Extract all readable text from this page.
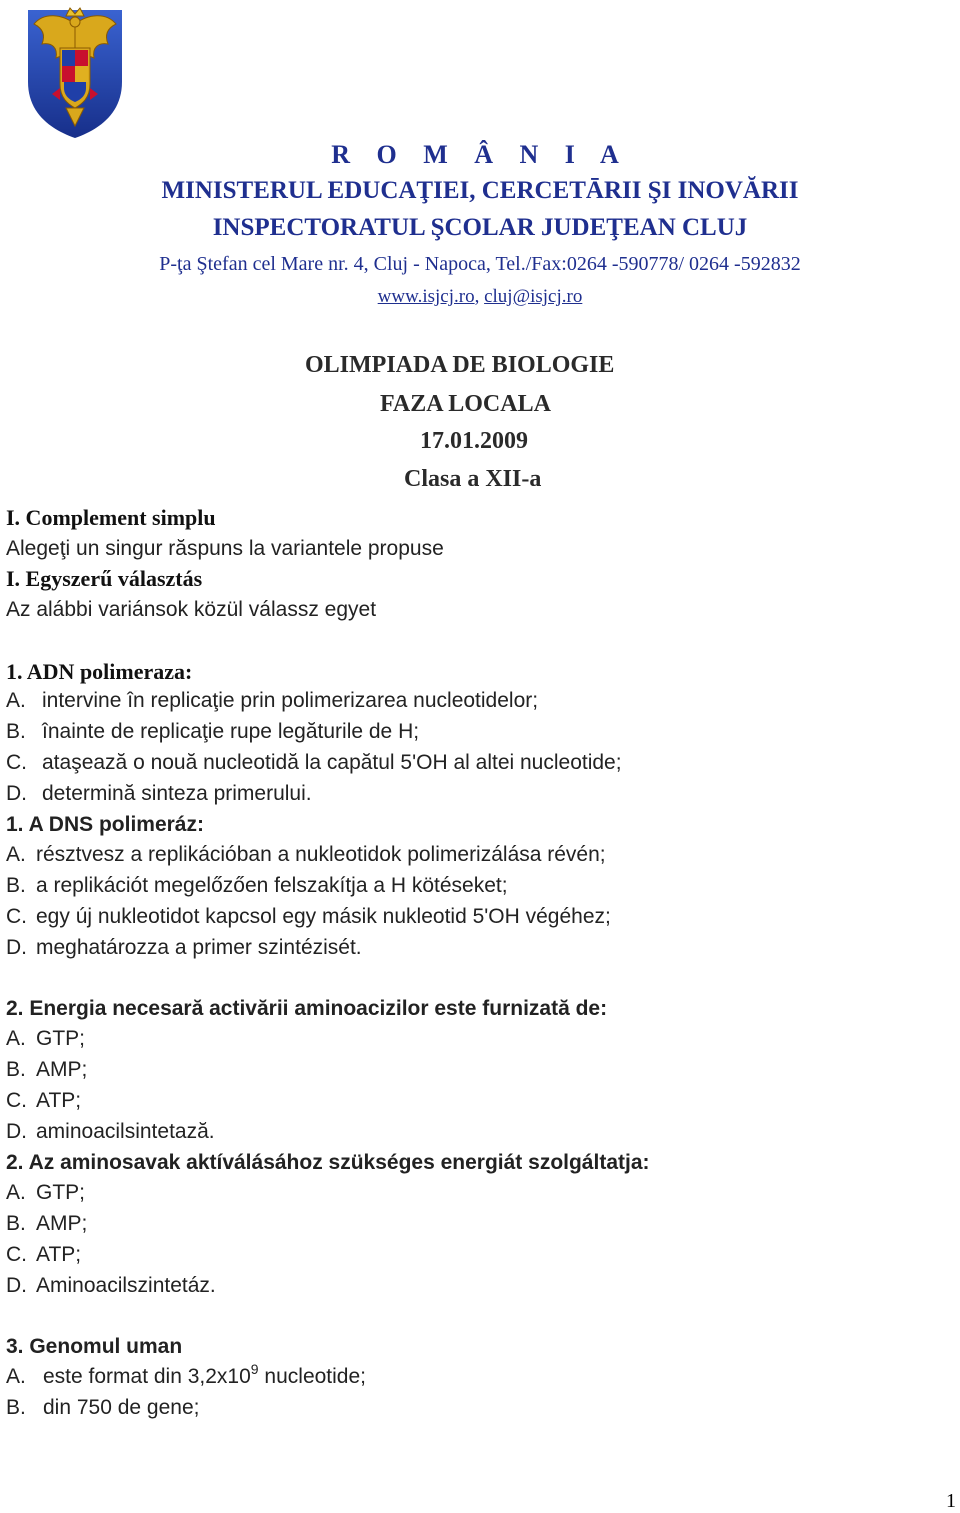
R O M Â N I A
MINISTERUL EDUCAŢIEI, CERCETĀRII ŞI INOVĂRII
INSPECTORATUL ŞCOLAR JUDEŢEAN CLUJ
P-ţa Ştefan cel Mare nr. 4, Cluj - Napoca, Tel./Fax:0264 -590778/ 0264 -592832
www.isjcj.ro, cluj@isjcj.ro
OLIMPIADA DE BIOLOGIE
FAZA LOCALA
17.01.2009
Clasa a XII-a
I. Complement simplu
Alegeţi un singur răspuns la variantele propuse
I. Egyszerű választás
Az alábbi variánsok közül válassz egyet
1. ADN polimeraza:
A. intervine în replicaţie prin polimerizarea nucleotidelor;
B. înainte de replicaţie rupe legăturile de H;
C. ataşează o nouă nucleotidă la capătul 5'OH al altei nucleotide;
D. determină sinteza primerului.
1. A DNS polimeráz:
A. résztvesz a replikációban a nukleotidok polimerizálása révén;
B. a replikációt megelőzően felszakítja a H kötéseket;
C. egy új nukleotidot kapcsol egy másik nukleotid 5'OH végéhez;
D. meghatározza a primer szintézisét.
2. Energia necesară activării aminoacizilor este furnizată de:
A. GTP;
B. AMP;
C. ATP;
D. aminoacilsintetază.
2. Az aminosavak aktíválásához szükséges energiát szolgáltatja:
A. GTP;
B. AMP;
C. ATP;
D. Aminoacilszintetáz.
3. Genomul uman
A. este format din $3,2x10^9$ nucleotide;
B. din 750 de gene;
1
